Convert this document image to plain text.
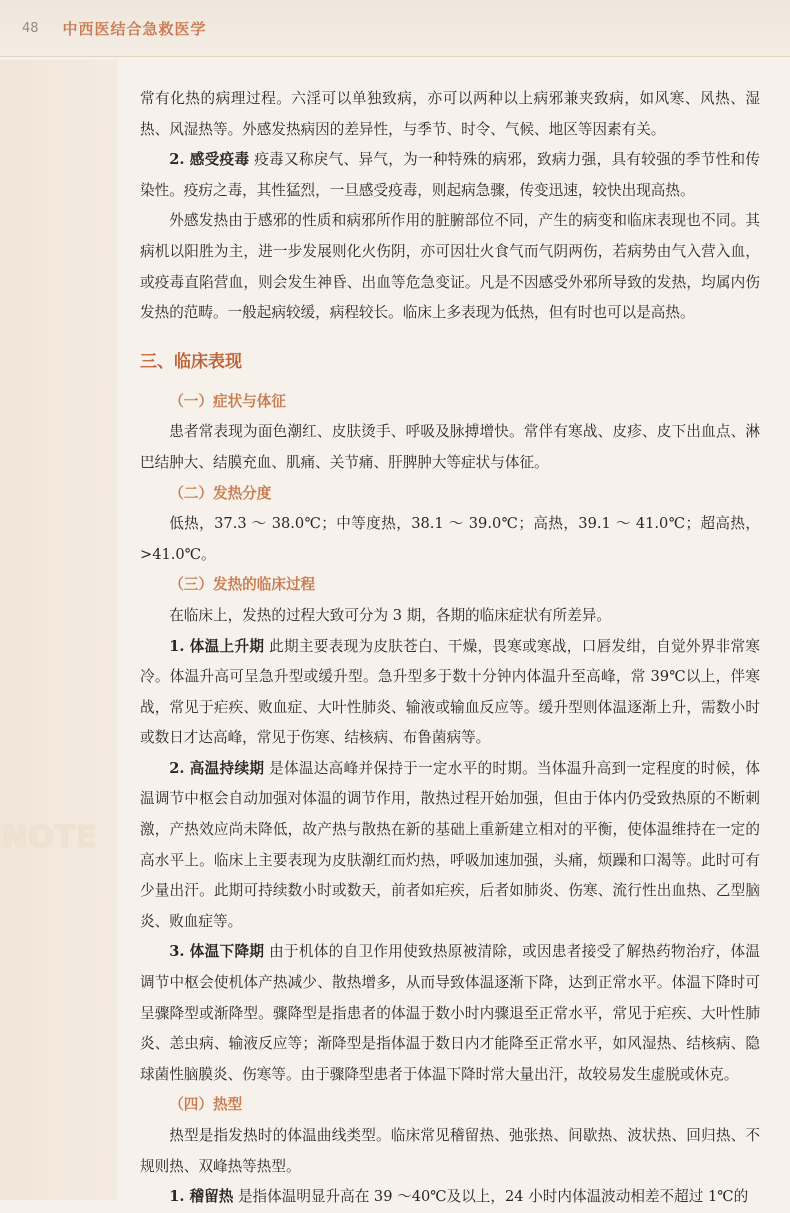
48 中西医结合急救医学
NOTE

常有化热的病理过程。六淫可以单独致病，亦可以两种以上病邪兼夹致病，如风寒、风热、湿热、风湿热等。外感发热病因的差异性，与季节、时令、气候、地区等因素有关。

2. 感受疫毒 疫毒又称戾气、异气，为一种特殊的病邪，致病力强，具有较强的季节性和传染性。疫疠之毒，其性猛烈，一旦感受疫毒，则起病急骤，传变迅速，较快出现高热。

外感发热由于感邪的性质和病邪所作用的脏腑部位不同，产生的病变和临床表现也不同。其病机以阳胜为主，进一步发展则化火伤阴，亦可因壮火食气而气阴两伤，若病势由气入营入血，或疫毒直陷营血，则会发生神昏、出血等危急变证。凡是不因感受外邪所导致的发热，均属内伤发热的范畴。一般起病较缓，病程较长。临床上多表现为低热，但有时也可以是高热。

三、临床表现

（一）症状与体征

患者常表现为面色潮红、皮肤烫手、呼吸及脉搏增快。常伴有寒战、皮疹、皮下出血点、淋巴结肿大、结膜充血、肌痛、关节痛、肝脾肿大等症状与体征。

（二）发热分度

低热，37.3 ～ 38.0℃；中等度热，38.1 ～ 39.0℃；高热，39.1 ～ 41.0℃；超高热，>41.0℃。

（三）发热的临床过程

在临床上，发热的过程大致可分为 3 期，各期的临床症状有所差异。

1. 体温上升期 此期主要表现为皮肤苍白、干燥，畏寒或寒战，口唇发绀，自觉外界非常寒冷。体温升高可呈急升型或缓升型。急升型多于数十分钟内体温升至高峰，常 39℃以上，伴寒战，常见于疟疾、败血症、大叶性肺炎、输液或输血反应等。缓升型则体温逐渐上升，需数小时或数日才达高峰，常见于伤寒、结核病、布鲁菌病等。

2. 高温持续期 是体温达高峰并保持于一定水平的时期。当体温升高到一定程度的时候，体温调节中枢会自动加强对体温的调节作用，散热过程开始加强，但由于体内仍受致热原的不断刺激，产热效应尚未降低，故产热与散热在新的基础上重新建立相对的平衡，使体温维持在一定的高水平上。临床上主要表现为皮肤潮红而灼热，呼吸加速加强，头痛，烦躁和口渴等。此时可有少量出汗。此期可持续数小时或数天，前者如疟疾，后者如肺炎、伤寒、流行性出血热、乙型脑炎、败血症等。

3. 体温下降期 由于机体的自卫作用使致热原被清除，或因患者接受了解热药物治疗，体温调节中枢会使机体产热减少、散热增多，从而导致体温逐渐下降，达到正常水平。体温下降时可呈骤降型或渐降型。骤降型是指患者的体温于数小时内骤退至正常水平，常见于疟疾、大叶性肺炎、恙虫病、输液反应等；渐降型是指体温于数日内才能降至正常水平，如风湿热、结核病、隐球菌性脑膜炎、伤寒等。由于骤降型患者于体温下降时常大量出汗，故较易发生虚脱或休克。

（四）热型

热型是指发热时的体温曲线类型。临床常见稽留热、弛张热、间歇热、波状热、回归热、不规则热、双峰热等热型。

1. 稽留热 是指体温明显升高在 39 ～40℃及以上，24 小时内体温波动相差不超过 1℃的
